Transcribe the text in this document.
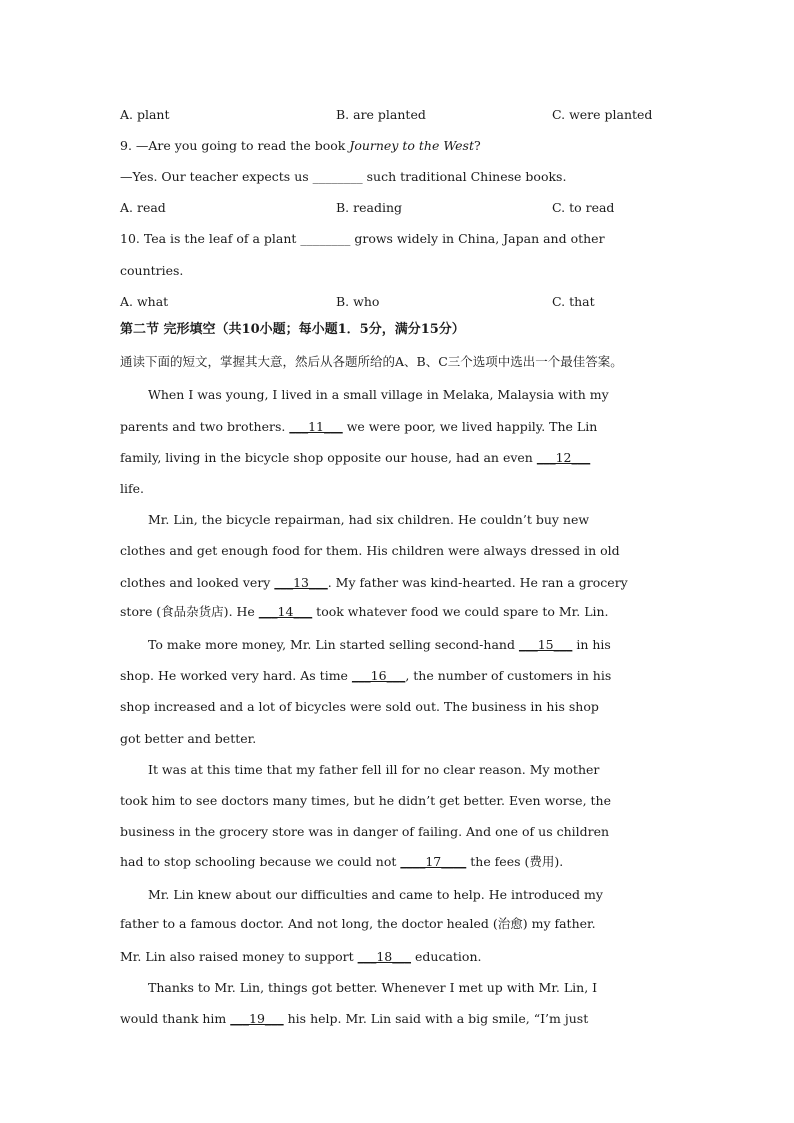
A. plant	B. are planted	C. were planted
9. —Are you going to read the book Journey to the West?
—Yes. Our teacher expects us ________ such traditional Chinese books.
A. read	B. reading	C. to read
10. Tea is the leaf of a plant ________ grows widely in China, Japan and other
countries.
A. what	B. who	C. that
第二节 完形填空（共10小题；每小题1．5分，满分15分）
通读下面的短文，掌握其大意，然后从各题所给的A、B、C三个选项中选出一个最佳答案。
When I was young, I lived in a small village in Melaka, Malaysia with my
parents and two brothers. ___11___ we were poor, we lived happily. The Lin
family, living in the bicycle shop opposite our house, had an even ___12___
life.
Mr. Lin, the bicycle repairman, had six children. He couldn’t buy new
clothes and get enough food for them. His children were always dressed in old
clothes and looked very ___13___. My father was kind-hearted. He ran a grocery
store (食品杂货店). He ___14___ took whatever food we could spare to Mr. Lin.
To make more money, Mr. Lin started selling second-hand ___15___ in his
shop. He worked very hard. As time ___16___, the number of customers in his
shop increased and a lot of bicycles were sold out. The business in his shop
got better and better.
It was at this time that my father fell ill for no clear reason. My mother
took him to see doctors many times, but he didn’t get better. Even worse, the
business in the grocery store was in danger of failing. And one of us children
had to stop schooling because we could not ____17____ the fees (费用).
Mr. Lin knew about our difficulties and came to help. He introduced my
father to a famous doctor. And not long, the doctor healed (治愈) my father.
Mr. Lin also raised money to support ___18___ education.
Thanks to Mr. Lin, things got better. Whenever I met up with Mr. Lin, I
would thank him ___19___ his help. Mr. Lin said with a big smile, “I’m just
